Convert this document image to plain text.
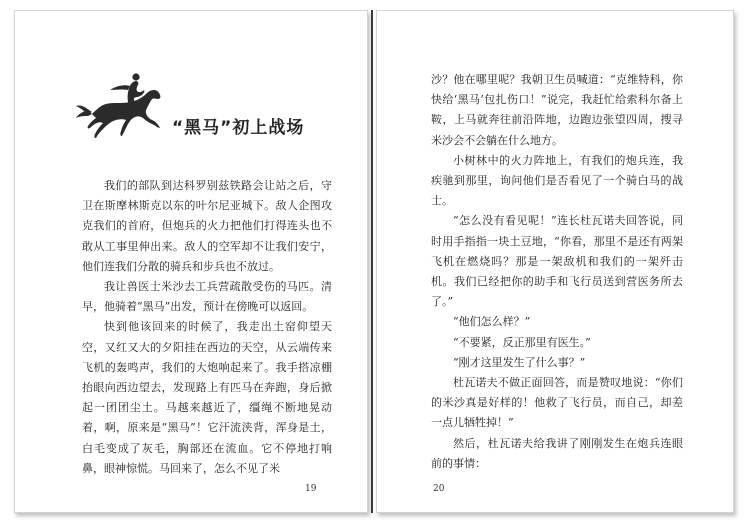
“黑马”初上战场

我们的部队到达科罗别兹铁路会让站之后，守卫在斯摩林斯克以东的叶尔尼亚城下。敌人企图攻克我们的首府，但炮兵的火力把他们打得连头也不敢从工事里伸出来。敌人的空军却不让我们安宁，他们连我们分散的骑兵和步兵也不放过。

我让兽医士米沙去工兵营疏散受伤的马匹。清早，他骑着“黑马”出发，预计在傍晚可以返回。

快到他该回来的时候了，我走出土窑仰望天空，又红又大的夕阳挂在西边的天空，从云端传来飞机的轰鸣声，我们的大炮响起来了。我手搭凉棚抬眼向西边望去，发现路上有匹马在奔跑，身后掀起一团团尘土。马越来越近了，缰绳不断地晃动着，啊，原来是“黑马”！它汗流浃背，浑身是土，白毛变成了灰毛，胸部还在流血。它不停地打响鼻，眼神惊慌。马回来了，怎么不见了米

沙？他在哪里呢？我朝卫生员喊道：“克维特科，你快给‘黑马’包扎伤口！”说完，我赶忙给索科尔备上鞍，上马就奔往前沿阵地，边跑边张望四周，搜寻米沙会不会躺在什么地方。

小树林中的火力阵地上，有我们的炮兵连，我疾驰到那里，询问他们是否看见了一个骑白马的战士。

“怎么没有看见呢！”连长杜瓦诺夫回答说，同时用手指指一块土豆地，“你看，那里不是还有两架飞机在燃烧吗？那是一架敌机和我们的一架歼击机。我们已经把你的助手和飞行员送到营医务所去了。”

“他们怎么样？”

“不要紧，反正那里有医生。”

“刚才这里发生了什么事？”

杜瓦诺夫不做正面回答，而是赞叹地说：“你们的米沙真是好样的！他救了飞行员，而自己，却差一点儿牺牲掉！”

然后，杜瓦诺夫给我讲了刚刚发生在炮兵连眼前的事情：

19	20
